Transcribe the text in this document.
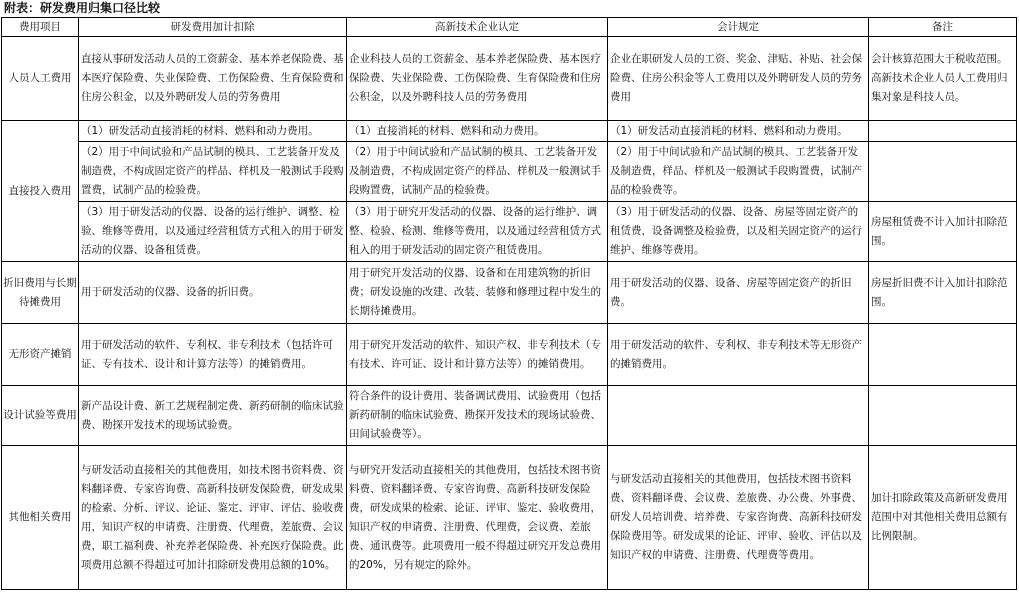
附表：研发费用归集口径比较
费用项目	研发费用加计扣除	高新技术企业认定	会计规定	备注
人员人工费用	直接从事研发活动人员的工资薪金、基本养老保险费、基本医疗保险费、失业保险费、工伤保险费、生育保险费和住房公积金，以及外聘研发人员的劳务费用	企业科技人员的工资薪金、基本养老保险费、基本医疗保险费、失业保险费、工伤保险费、生育保险费和住房公积金，以及外聘科技人员的劳务费用	企业在职研发人员的工资、奖金、津贴、补贴、社会保险费、住房公积金等人工费用以及外聘研发人员的劳务费用	会计核算范围大于税收范围。高新技术企业人员人工费用归集对象是科技人员。
直接投入费用	（1）研发活动直接消耗的材料、燃料和动力费用。	（1）直接消耗的材料、燃料和动力费用。	（1）研发活动直接消耗的材料、燃料和动力费用。	
	（2）用于中间试验和产品试制的模具、工艺装备开发及制造费，不构成固定资产的样品、样机及一般测试手段购置费，试制产品的检验费。	（2）用于中间试验和产品试制的模具、工艺装备开发及制造费，不构成固定资产的样品、样机及一般测试手段购置费，试制产品的检验费。	（2）用于中间试验和产品试制的模具、工艺装备开发及制造费，样品、样机及一般测试手段购置费，试制产品的检验费等。	
	（3）用于研发活动的仪器、设备的运行维护、调整、检验、维修等费用，以及通过经营租赁方式租入的用于研发活动的仪器、设备租赁费。	（3）用于研究开发活动的仪器、设备的运行维护、调整、检验、检测、维修等费用，以及通过经营租赁方式租入的用于研发活动的固定资产租赁费用。	（3）用于研发活动的仪器、设备、房屋等固定资产的租赁费，设备调整及检验费，以及相关固定资产的运行维护、维修等费用。	房屋租赁费不计入加计扣除范围。
折旧费用与长期待摊费用	用于研发活动的仪器、设备的折旧费。	用于研究开发活动的仪器、设备和在用建筑物的折旧费；研发设施的改建、改装、装修和修理过程中发生的长期待摊费用。	用于研发活动的仪器、设备、房屋等固定资产的折旧费。	房屋折旧费不计入加计扣除范围。
无形资产摊销	用于研发活动的软件、专利权、非专利技术（包括许可证、专有技术、设计和计算方法等）的摊销费用。	用于研究开发活动的软件、知识产权、非专利技术（专有技术、许可证、设计和计算方法等）的摊销费用。	用于研发活动的软件、专利权、非专利技术等无形资产的摊销费用。	
设计试验等费用	新产品设计费、新工艺规程制定费、新药研制的临床试验费、勘探开发技术的现场试验费。	符合条件的设计费用、装备调试费用、试验费用（包括新药研制的临床试验费、勘探开发技术的现场试验费、田间试验费等）。		
其他相关费用	与研发活动直接相关的其他费用，如技术图书资料费、资料翻译费、专家咨询费、高新科技研发保险费，研发成果的检索、分析、评议、论证、鉴定、评审、评估、验收费用，知识产权的申请费、注册费、代理费，差旅费、会议费，职工福利费、补充养老保险费、补充医疗保险费。此项费用总额不得超过可加计扣除研发费用总额的10%。	与研究开发活动直接相关的其他费用，包括技术图书资料费、资料翻译费、专家咨询费、高新科技研发保险费，研发成果的检索、论证、评审、鉴定、验收费用，知识产权的申请费、注册费、代理费，会议费、差旅费、通讯费等。此项费用一般不得超过研究开发总费用的20%，另有规定的除外。	与研发活动直接相关的其他费用，包括技术图书资料费、资料翻译费、会议费、差旅费、办公费、外事费、研发人员培训费、培养费、专家咨询费、高新科技研发保险费用等。研发成果的论证、评审、验收、评估以及知识产权的申请费、注册费、代理费等费用。	加计扣除政策及高新研发费用范围中对其他相关费用总额有比例限制。
